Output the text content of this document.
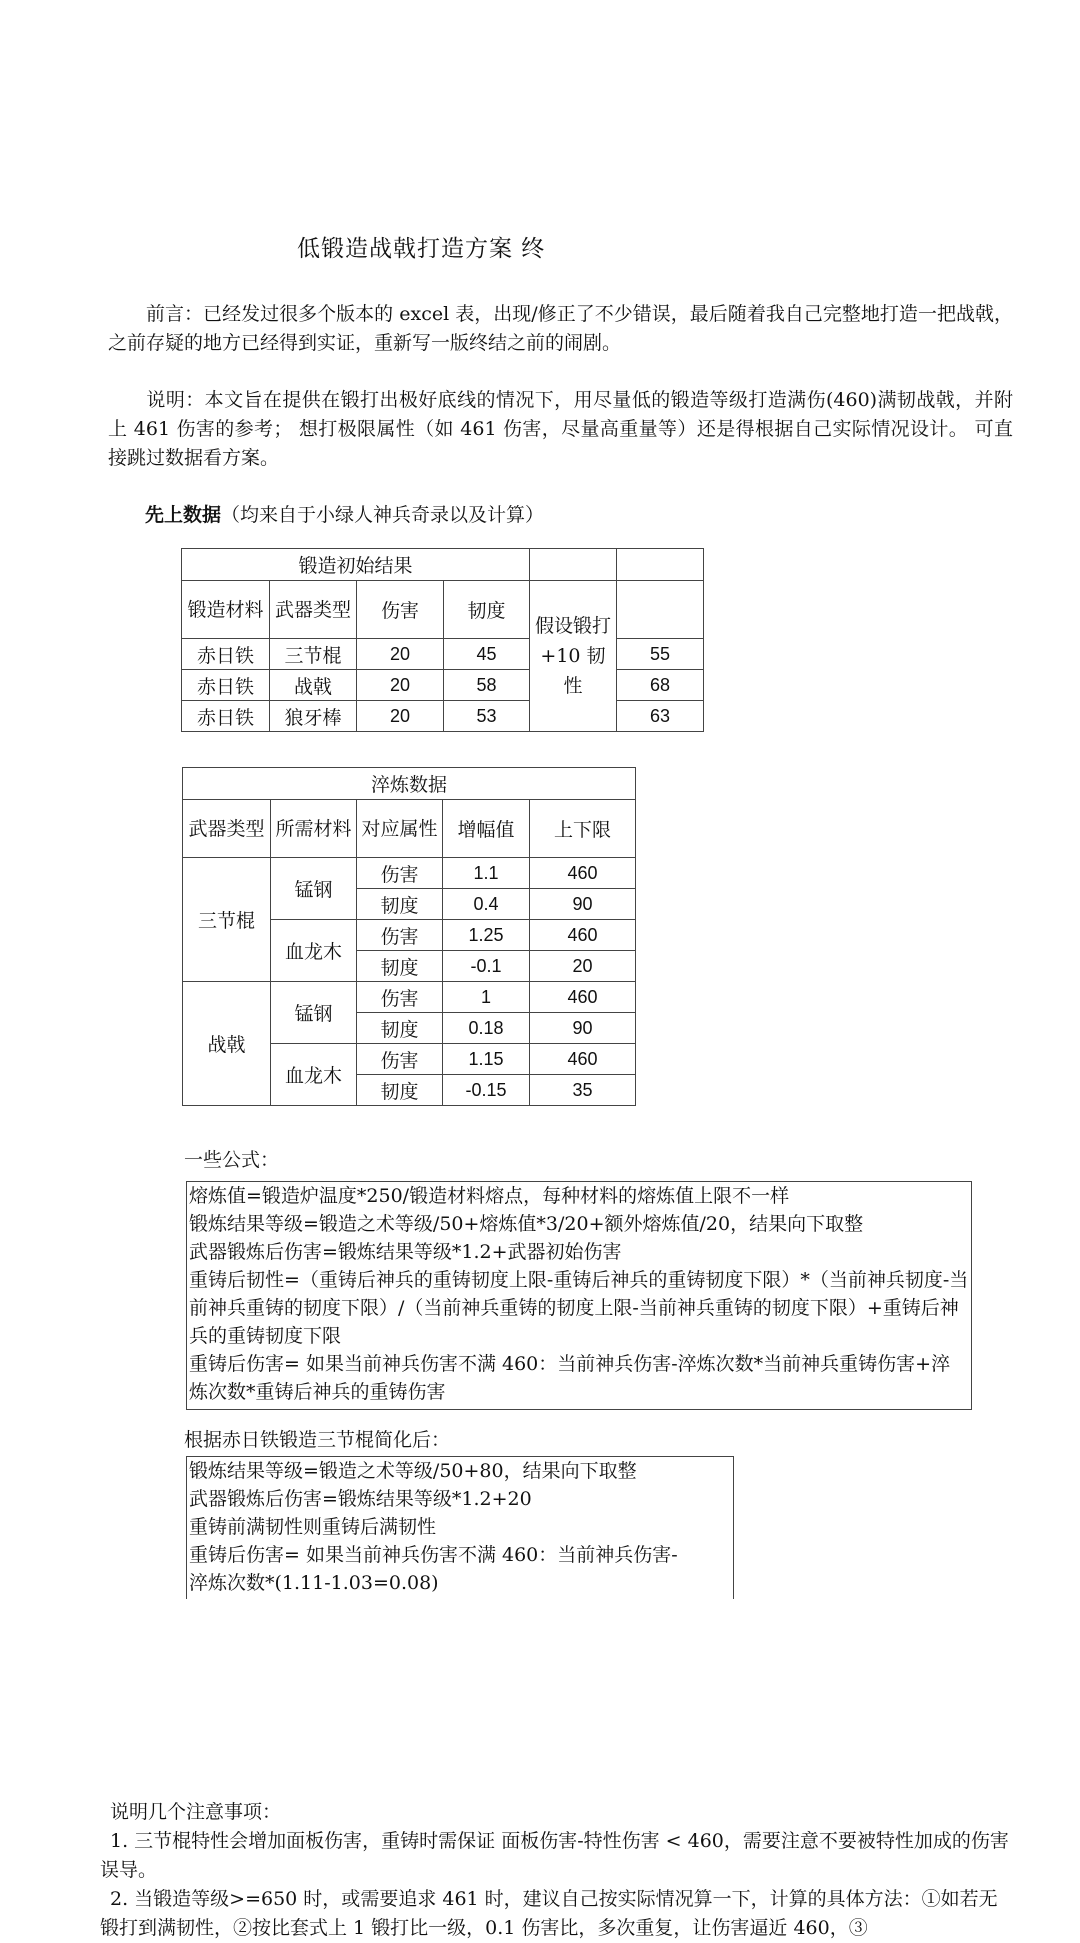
低锻造战戟打造方案 终
前言：已经发过很多个版本的 excel 表，出现/修正了不少错误，最后随着我自己完整地打造一把战戟，之前存疑的地方已经得到实证，重新写一版终结之前的闹剧。
说明：本文旨在提供在锻打出极好底线的情况下，用尽量低的锻造等级打造满伤(460)满韧战戟，并附上 461 伤害的参考； 想打极限属性（如 461 伤害，尽量高重量等）还是得根据自己实际情况设计。 可直接跳过数据看方案。
先上数据（均来自于小绿人神兵奇录以及计算）
锻造初始结果					
锻造材料	武器类型	伤害	韧度	假设锻打+10 韧性	
赤日铁	三节棍	20	45		55
赤日铁	战戟	20	58		68
赤日铁	狼牙棒	20	53		63
淬炼数据				
武器类型	所需材料	对应属性	增幅值	上下限
三节棍	锰钢	伤害	1.1	460
		韧度	0.4	90
	血龙木	伤害	1.25	460
		韧度	-0.1	20
战戟	锰钢	伤害	1	460
		韧度	0.18	90
	血龙木	伤害	1.15	460
		韧度	-0.15	35
一些公式：
熔炼值=锻造炉温度*250/锻造材料熔点，每种材料的熔炼值上限不一样
锻炼结果等级=锻造之术等级/50+熔炼值*3/20+额外熔炼值/20，结果向下取整
武器锻炼后伤害=锻炼结果等级*1.2+武器初始伤害
重铸后韧性=（重铸后神兵的重铸韧度上限-重铸后神兵的重铸韧度下限）*（当前神兵韧度-当前神兵重铸的韧度下限）/（当前神兵重铸的韧度上限-当前神兵重铸的韧度下限）+重铸后神兵的重铸韧度下限
重铸后伤害= 如果当前神兵伤害不满 460：当前神兵伤害-淬炼次数*当前神兵重铸伤害+淬炼次数*重铸后神兵的重铸伤害
根据赤日铁锻造三节棍简化后：
锻炼结果等级=锻造之术等级/50+80，结果向下取整
武器锻炼后伤害=锻炼结果等级*1.2+20
重铸前满韧性则重铸后满韧性
重铸后伤害= 如果当前神兵伤害不满 460：当前神兵伤害-
淬炼次数*(1.11-1.03=0.08)
说明几个注意事项：
1. 三节棍特性会增加面板伤害，重铸时需保证 面板伤害-特性伤害 < 460，需要注意不要被特性加成的伤害误导。
2. 当锻造等级>=650 时，或需要追求 461 时，建议自己按实际情况算一下，计算的具体方法：①如若无锻打到满韧性，②按比套式上 1 锻打比一级，0.1 伤害比，多次重复，让伤害逼近 460，③
